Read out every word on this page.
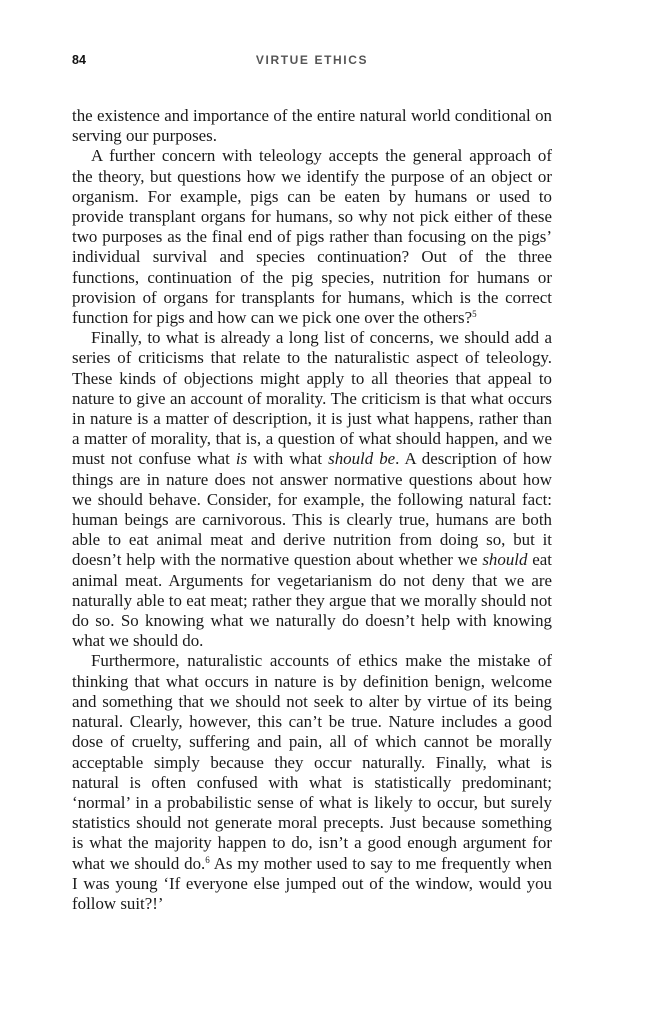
84	VIRTUE ETHICS

the existence and importance of the entire natural world conditional on serving our purposes.

A further concern with teleology accepts the general approach of the theory, but questions how we identify the purpose of an object or organism. For example, pigs can be eaten by humans or used to provide transplant organs for humans, so why not pick either of these two purposes as the final end of pigs rather than focusing on the pigs’ individual survival and species continuation? Out of the three functions, continuation of the pig species, nutrition for humans or provision of organs for transplants for humans, which is the correct function for pigs and how can we pick one over the others?$^5$

Finally, to what is already a long list of concerns, we should add a series of criticisms that relate to the naturalistic aspect of teleology. These kinds of objections might apply to all theories that appeal to nature to give an account of morality. The criticism is that what occurs in nature is a matter of description, it is just what happens, rather than a matter of morality, that is, a question of what should happen, and we must not confuse what is with what should be. A description of how things are in nature does not answer normative questions about how we should behave. Consider, for example, the following natural fact: human beings are carnivorous. This is clearly true, humans are both able to eat animal meat and derive nutrition from doing so, but it doesn’t help with the normative question about whether we should eat animal meat. Arguments for vegetarianism do not deny that we are naturally able to eat meat; rather they argue that we morally should not do so. So knowing what we naturally do doesn’t help with knowing what we should do.

Furthermore, naturalistic accounts of ethics make the mistake of thinking that what occurs in nature is by definition benign, welcome and something that we should not seek to alter by virtue of its being natural. Clearly, however, this can’t be true. Nature includes a good dose of cruelty, suffering and pain, all of which cannot be morally acceptable simply because they occur naturally. Finally, what is natural is often confused with what is statistically predominant; ‘normal’ in a probabilistic sense of what is likely to occur, but surely statistics should not generate moral precepts. Just because something is what the majority happen to do, isn’t a good enough argument for what we should do.$^6$ As my mother used to say to me frequently when I was young ‘If everyone else jumped out of the window, would you follow suit?!’
